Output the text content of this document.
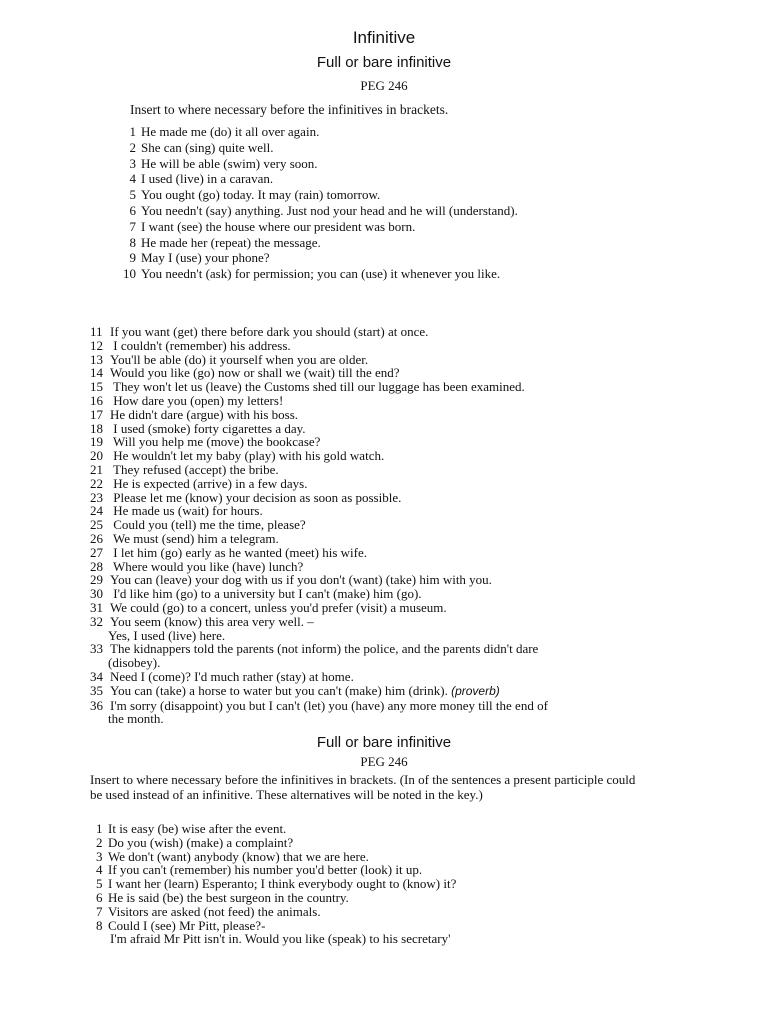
Infinitive
Full or bare infinitive
PEG 246
Insert to where necessary before the infinitives in brackets.
1 He made me (do) it all over again.
2 She can (sing) quite well.
3 He will be able (swim) very soon.
4 I used (live) in a caravan.
5 You ought (go) today. It may (rain) tomorrow.
6 You needn't (say) anything. Just nod your head and he will (understand).
7 I want (see) the house where our president was born.
8 He made her (repeat) the message.
9 May I (use) your phone?
10 You needn't (ask) for permission; you can (use) it whenever you like.
11 If you want (get) there before dark you should (start) at once.
12 I couldn't (remember) his address.
13 You'll be able (do) it yourself when you are older.
14 Would you like (go) now or shall we (wait) till the end?
15 They won't let us (leave) the Customs shed till our luggage has been examined.
16 How dare you (open) my letters!
17 He didn't dare (argue) with his boss.
18 I used (smoke) forty cigarettes a day.
19 Will you help me (move) the bookcase?
20 He wouldn't let my baby (play) with his gold watch.
21 They refused (accept) the bribe.
22 He is expected (arrive) in a few days.
23 Please let me (know) your decision as soon as possible.
24 He made us (wait) for hours.
25 Could you (tell) me the time, please?
26 We must (send) him a telegram.
27 I let him (go) early as he wanted (meet) his wife.
28 Where would you like (have) lunch?
29 You can (leave) your dog with us if you don't (want) (take) him with you.
30 I'd like him (go) to a university but I can't (make) him (go).
31 We could (go) to a concert, unless you'd prefer (visit) a museum.
32 You seem (know) this area very well. –
Yes, I used (live) here.
33 The kidnappers told the parents (not inform) the police, and the parents didn't dare
(disobey).
34 Need I (come)? I'd much rather (stay) at home.
35 You can (take) a horse to water but you can't (make) him (drink). (proverb)
36 I'm sorry (disappoint) you but I can't (let) you (have) any more money till the end of
the month.
Full or bare infinitive
PEG 246
Insert to where necessary before the infinitives in brackets. (In of the sentences a present participle could be used instead of an infinitive. These alternatives will be noted in the key.)
1 It is easy (be) wise after the event.
2 Do you (wish) (make) a complaint?
3 We don't (want) anybody (know) that we are here.
4 If you can't (remember) his number you'd better (look) it up.
5 I want her (learn) Esperanto; I think everybody ought to (know) it?
6 He is said (be) the best surgeon in the country.
7 Visitors are asked (not feed) the animals.
8 Could I (see) Mr Pitt, please?-
I'm afraid Mr Pitt isn't in. Would you like (speak) to his secretary'
